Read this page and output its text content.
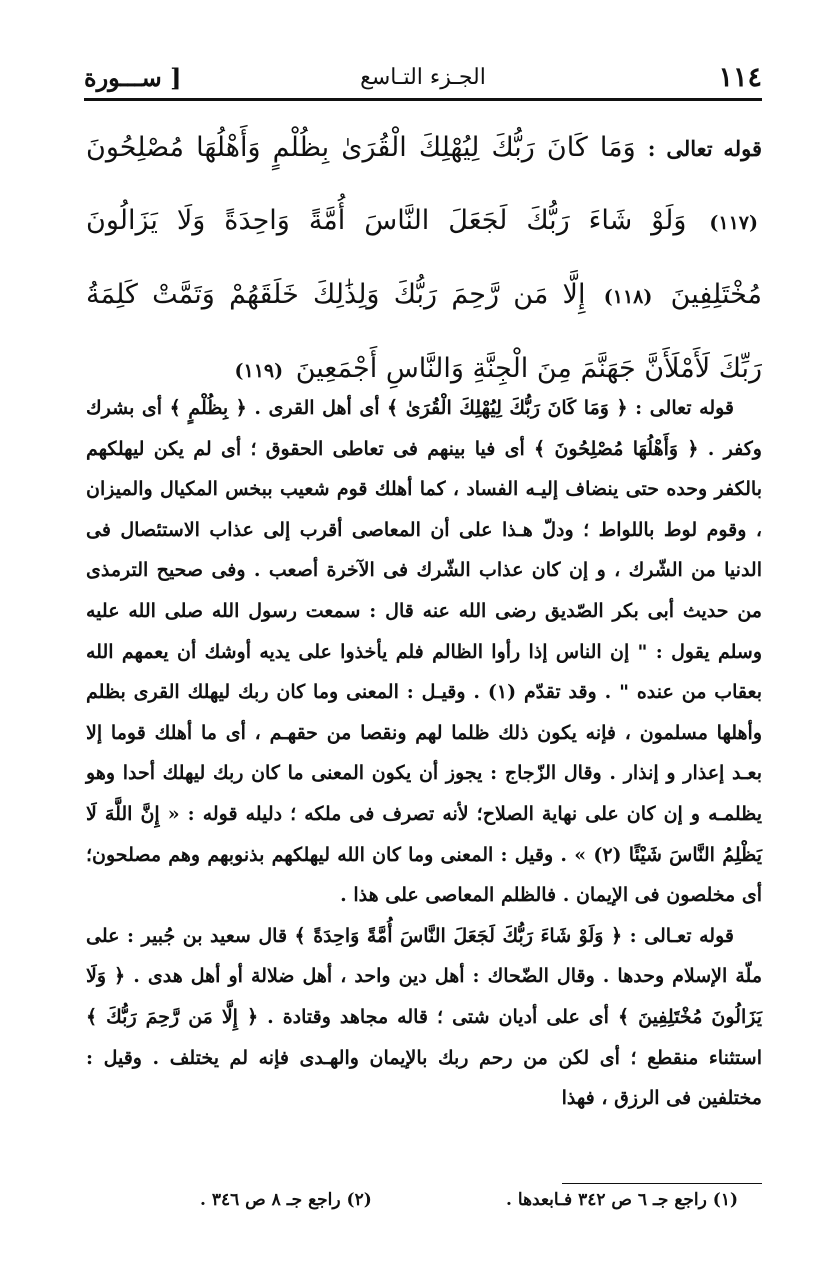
١١٤
الجـزء التـاسع
[ ســـورة
قوله تعالى : وَمَا كَانَ رَبُّكَ لِيُهْلِكَ الْقُرَىٰ بِظُلْمٍ وَأَهْلُهَا مُصْلِحُونَ (١١٧) وَلَوْ شَاءَ رَبُّكَ لَجَعَلَ النَّاسَ أُمَّةً وَاحِدَةً وَلَا يَزَالُونَ مُخْتَلِفِينَ (١١٨) إِلَّا مَن رَّحِمَ رَبُّكَ وَلِذَٰلِكَ خَلَقَهُمْ وَتَمَّتْ كَلِمَةُ رَبِّكَ لَأَمْلَأَنَّ جَهَنَّمَ مِنَ الْجِنَّةِ وَالنَّاسِ أَجْمَعِينَ (١١٩)

قوله تعالى : ﴿ وَمَا كَانَ رَبُّكَ لِيُهْلِكَ الْقُرَىٰ ﴾ أى أهل القرى . ﴿ بِظُلْمٍ ﴾ أى بشرك وكفر . ﴿ وَأَهْلُهَا مُصْلِحُونَ ﴾ أى فيا بينهم فى تعاطى الحقوق ؛ أى لم يكن ليهلكهم بالكفر وحده حتى ينضاف إليـه الفساد ، كما أهلك قوم شعيب ببخس المكيال والميزان ، وقوم لوط باللواط ؛ ودلّ هـذا على أن المعاصى أقرب إلى عذاب الاستئصال فى الدنيا من الشّرك ، و إن كان عذاب الشّرك فى الآخرة أصعب . وفى صحيح الترمذى من حديث أبى بكر الصّديق رضى الله عنه قال : سمعت رسول الله صلى الله عليه وسلم يقول : " إن الناس إذا رأوا الظالم فلم يأخذوا على يديه أوشك أن يعمهم الله بعقاب من عنده " . وقد تقدّم (١) . وقيـل : المعنى وما كان ربك ليهلك القرى بظلم وأهلها مسلمون ، فإنه يكون ذلك ظلما لهم ونقصا من حقهـم ، أى ما أهلك قوما إلا بعـد إعذار و إنذار . وقال الزّجاج : يجوز أن يكون المعنى ما كان ربك ليهلك أحدا وهو يظلمـه و إن كان على نهاية الصلاح؛ لأنه تصرف فى ملكه ؛ دليله قوله : « إِنَّ اللَّهَ لَا يَظْلِمُ النَّاسَ شَيْئًا (٢) » . وقيل : المعنى وما كان الله ليهلكهم بذنوبهم وهم مصلحون؛ أى مخلصون فى الإيمان . فالظلم المعاصى على هذا .

قوله تعـالى : ﴿ وَلَوْ شَاءَ رَبُّكَ لَجَعَلَ النَّاسَ أُمَّةً وَاحِدَةً ﴾ قال سعيد بن جُبير : على ملّة الإسلام وحدها . وقال الضّحاك : أهل دين واحد ، أهل ضلالة أو أهل هدى . ﴿ وَلَا يَزَالُونَ مُخْتَلِفِينَ ﴾ أى على أديان شتى ؛ قاله مجاهد وقتادة . ﴿ إِلَّا مَن رَّحِمَ رَبُّكَ ﴾ استثناء منقطع ؛ أى لكن من رحم ربك بالإيمان والهـدى فإنه لم يختلف . وقيل : مختلفين فى الرزق ، فهذا

(١) راجع جـ ٦ ص ٣٤٢ فـابعدها .
(٢) راجع جـ ٨ ص ٣٤٦ .
